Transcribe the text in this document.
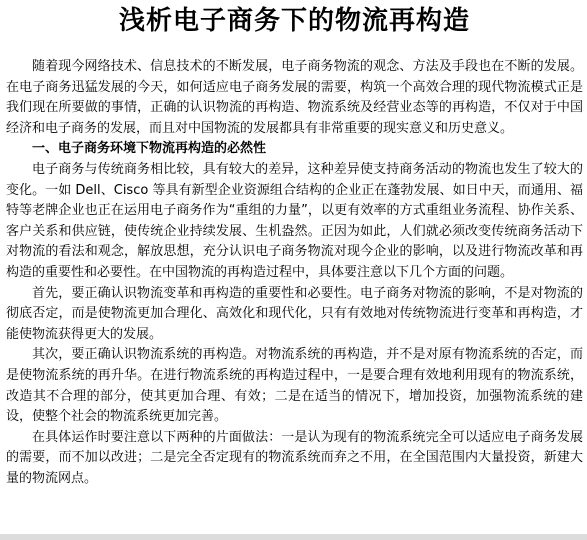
浅析电子商务下的物流再构造

随着现今网络技术、信息技术的不断发展，电子商务物流的观念、方法及手段也在不断的发展。在电子商务迅猛发展的今天，如何适应电子商务发展的需要，构筑一个高效合理的现代物流模式正是我们现在所要做的事情，正确的认识物流的再构造、物流系统及经营业态等的再构造，不仅对于中国经济和电子商务的发展，而且对中国物流的发展都具有非常重要的现实意义和历史意义。

一、电子商务环境下物流再构造的必然性

电子商务与传统商务相比较，具有较大的差异，这种差异使支持商务活动的物流也发生了较大的变化。一如 Dell、Cisco 等具有新型企业资源组合结构的企业正在蓬勃发展、如日中天，而通用、福特等老牌企业也正在运用电子商务作为“重组的力量”，以更有效率的方式重组业务流程、协作关系、客户关系和供应链，使传统企业持续发展、生机盎然。正因为如此，人们就必须改变传统商务活动下对物流的看法和观念，解放思想，充分认识电子商务物流对现今企业的影响，以及进行物流改革和再构造的重要性和必要性。在中国物流的再构造过程中，具体要注意以下几个方面的问题。

首先，要正确认识物流变革和再构造的重要性和必要性。电子商务对物流的影响，不是对物流的彻底否定，而是使物流更加合理化、高效化和现代化，只有有效地对传统物流进行变革和再构造，才能使物流获得更大的发展。

其次，要正确认识物流系统的再构造。对物流系统的再构造，并不是对原有物流系统的否定，而是使物流系统的再升华。在进行物流系统的再构造过程中，一是要合理有效地利用现有的物流系统，改造其不合理的部分，使其更加合理、有效；二是在适当的情况下，增加投资，加强物流系统的建设，使整个社会的物流系统更加完善。

在具体运作时要注意以下两种的片面做法：一是认为现有的物流系统完全可以适应电子商务发展的需要，而不加以改进；二是完全否定现有的物流系统而弃之不用，在全国范围内大量投资，新建大量的物流网点。
